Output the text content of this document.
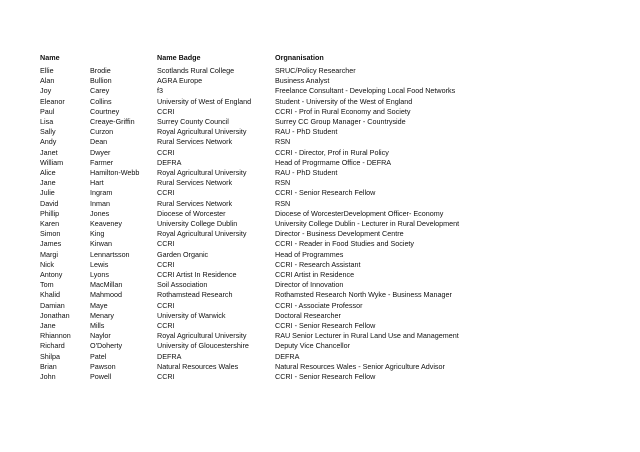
Name		Name Badge	Orgnanisation
Ellie	Brodie	Scotlands Rural College	SRUC/Policy Researcher
Alan	Bullion	AGRA Europe	Business Analyst
Joy	Carey	f3	Freelance Consultant - Developing Local Food Networks
Eleanor	Collins	University of West of England	Student - University of the West of England
Paul	Courtney	CCRI	CCRI - Prof in Rural Economy and Society
Lisa	Creaye-Griffin	Surrey County Council	Surrey CC Group Manager - Countryside
Sally	Curzon	Royal Agricultural University	RAU - PhD Student
Andy	Dean	Rural Services Network	RSN
Janet	Dwyer	CCRI	CCRI - Director, Prof in Rural Policy
William	Farmer	DEFRA	Head of Progrmame Office - DEFRA
Alice	Hamilton-Webb	Royal Agricultural University	RAU - PhD Student
Jane	Hart	Rural Services Network	RSN
Julie	Ingram	CCRI	CCRI - Senior Research Fellow
David	Inman	Rural Services Network	RSN
Phillip	Jones	Diocese of Worcester	Diocese of WorcesterDevelopment Officer- Economy
Karen	Keaveney	University College Dublin	University College Dublin - Lecturer in Rural Development
Simon	King	Royal Agricultural University	Director - Business Development Centre
James	Kirwan	CCRI	CCRI - Reader in Food Studies and Society
Margi	Lennartsson	Garden Organic	Head of Programmes
Nick	Lewis	CCRI	CCRI - Research Assistant
Antony	Lyons	CCRI Artist In Residence	CCRI Artist in Residence
Tom	MacMillan	Soil Association	Director of Innovation
Khalid	Mahmood	Rothamstead Research	Rothamsted Research North Wyke - Business Manager
Damian	Maye	CCRI	CCRI - Associate Professor
Jonathan	Menary	University of Warwick	Doctoral Researcher
Jane	Mills	CCRI	CCRI - Senior Research Fellow
Rhiannon	Naylor	Royal Agricultural University	RAU Senior Lecturer in Rural Land Use and Management
Richard	O'Doherty	University of Gloucestershire	Deputy Vice Chancellor
Shilpa	Patel	DEFRA	DEFRA
Brian	Pawson	Natural Resources Wales	Natural Resources Wales - Senior Agriculture Advisor
John	Powell	CCRI	CCRI - Senior Research Fellow
